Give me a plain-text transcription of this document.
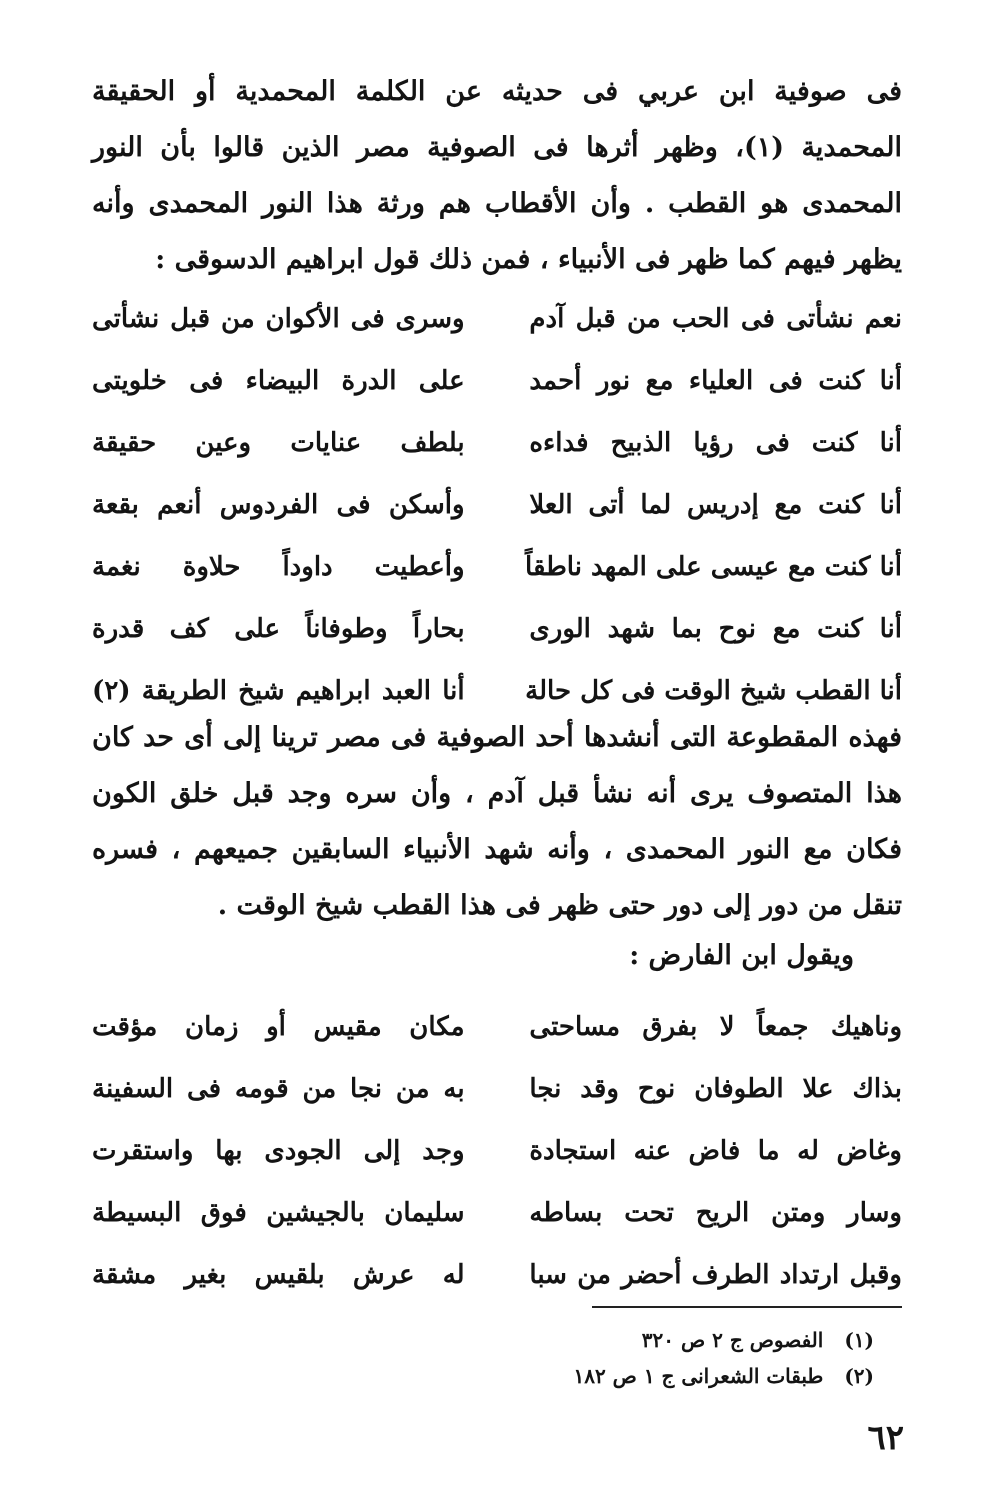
فى صوفية ابن عربي فى حديثه عن الكلمة المحمدية أو الحقيقة المحمدية (١)، وظهر أثرها فى الصوفية مصر الذين قالوا بأن النور المحمدى هو القطب . وأن الأقطاب هم ورثة هذا النور المحمدى وأنه يظهر فيهم كما ظهر فى الأنبياء ، فمن ذلك قول ابراهيم الدسوقى :

نعم نشأتى فى الحب من قبل آدم
وسرى فى الأكوان من قبل نشأتى
أنا كنت فى العلياء مع نور أحمد
على الدرة البيضاء فى خلويتى
أنا كنت فى رؤيا الذبيح فداءه
بلطف عنايات وعين حقيقة
أنا كنت مع إدريس لما أتى العلا
وأسكن فى الفردوس أنعم بقعة
أنا كنت مع عيسى على المهد ناطقاً
وأعطيت داوداً حلاوة نغمة
أنا كنت مع نوح بما شهد الورى
بحاراً وطوفاناً على كف قدرة
أنا القطب شيخ الوقت فى كل حالة
أنا العبد ابراهيم شيخ الطريقة (٢)

فهذه المقطوعة التى أنشدها أحد الصوفية فى مصر ترينا إلى أى حد كان هذا المتصوف يرى أنه نشأ قبل آدم ، وأن سره وجد قبل خلق الكون فكان مع النور المحمدى ، وأنه شهد الأنبياء السابقين جميعهم ، فسره تنقل من دور إلى دور حتى ظهر فى هذا القطب شيخ الوقت .

ويقول ابن الفارض :

وناهيك جمعاً لا بفرق مساحتى
مكان مقيس أو زمان مؤقت
بذاك علا الطوفان نوح وقد نجا
به من نجا من قومه فى السفينة
وغاض له ما فاض عنه استجادة
وجد إلى الجودى بها واستقرت
وسار ومتن الريح تحت بساطه
سليمان بالجيشين فوق البسيطة
وقبل ارتداد الطرف أحضر من سبا
له عرش بلقيس بغير مشقة
(١) الفصوص ج ٢ ص ٣٢٠
(٢) طبقات الشعرانى ج ١ ص ١٨٢
٦٢
